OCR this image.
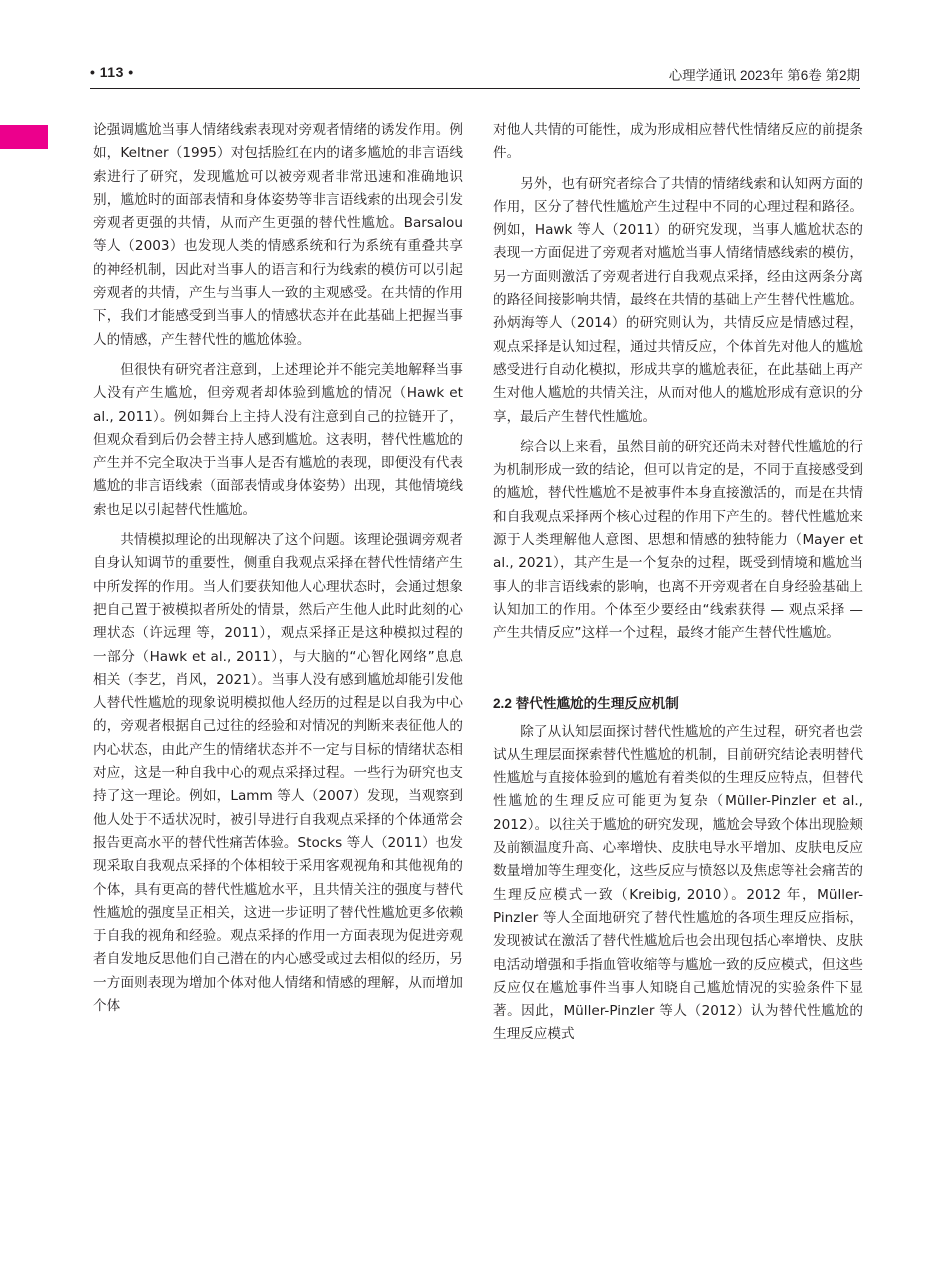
• 113 •	心理学通讯 2023年 第6卷 第2期

论强调尴尬当事人情绪线索表现对旁观者情绪的诱发作用。例如，Keltner（1995）对包括脸红在内的诸多尴尬的非言语线索进行了研究，发现尴尬可以被旁观者非常迅速和准确地识别，尴尬时的面部表情和身体姿势等非言语线索的出现会引发旁观者更强的共情，从而产生更强的替代性尴尬。Barsalou 等人（2003）也发现人类的情感系统和行为系统有重叠共享的神经机制，因此对当事人的语言和行为线索的模仿可以引起旁观者的共情，产生与当事人一致的主观感受。在共情的作用下，我们才能感受到当事人的情感状态并在此基础上把握当事人的情感，产生替代性的尴尬体验。

但很快有研究者注意到，上述理论并不能完美地解释当事人没有产生尴尬，但旁观者却体验到尴尬的情况（Hawk et al., 2011）。例如舞台上主持人没有注意到自己的拉链开了，但观众看到后仍会替主持人感到尴尬。这表明，替代性尴尬的产生并不完全取决于当事人是否有尴尬的表现，即便没有代表尴尬的非言语线索（面部表情或身体姿势）出现，其他情境线索也足以引起替代性尴尬。

共情模拟理论的出现解决了这个问题。该理论强调旁观者自身认知调节的重要性，侧重自我观点采择在替代性情绪产生中所发挥的作用。当人们要获知他人心理状态时，会通过想象把自己置于被模拟者所处的情景，然后产生他人此时此刻的心理状态（许远理 等，2011），观点采择正是这种模拟过程的一部分（Hawk et al., 2011），与大脑的“心智化网络”息息相关（李艺，肖风，2021）。当事人没有感到尴尬却能引发他人替代性尴尬的现象说明模拟他人经历的过程是以自我为中心的，旁观者根据自己过往的经验和对情况的判断来表征他人的内心状态，由此产生的情绪状态并不一定与目标的情绪状态相对应，这是一种自我中心的观点采择过程。一些行为研究也支持了这一理论。例如，Lamm 等人（2007）发现，当观察到他人处于不适状况时，被引导进行自我观点采择的个体通常会报告更高水平的替代性痛苦体验。Stocks 等人（2011）也发现采取自我观点采择的个体相较于采用客观视角和其他视角的个体，具有更高的替代性尴尬水平，且共情关注的强度与替代性尴尬的强度呈正相关，这进一步证明了替代性尴尬更多依赖于自我的视角和经验。观点采择的作用一方面表现为促进旁观者自发地反思他们自己潜在的内心感受或过去相似的经历，另一方面则表现为增加个体对他人情绪和情感的理解，从而增加个体

对他人共情的可能性，成为形成相应替代性情绪反应的前提条件。

另外，也有研究者综合了共情的情绪线索和认知两方面的作用，区分了替代性尴尬产生过程中不同的心理过程和路径。例如，Hawk 等人（2011）的研究发现，当事人尴尬状态的表现一方面促进了旁观者对尴尬当事人情绪情感线索的模仿，另一方面则激活了旁观者进行自我观点采择，经由这两条分离的路径间接影响共情，最终在共情的基础上产生替代性尴尬。孙炳海等人（2014）的研究则认为，共情反应是情感过程，观点采择是认知过程，通过共情反应，个体首先对他人的尴尬感受进行自动化模拟，形成共享的尴尬表征，在此基础上再产生对他人尴尬的共情关注，从而对他人的尴尬形成有意识的分享，最后产生替代性尴尬。

综合以上来看，虽然目前的研究还尚未对替代性尴尬的行为机制形成一致的结论，但可以肯定的是，不同于直接感受到的尴尬，替代性尴尬不是被事件本身直接激活的，而是在共情和自我观点采择两个核心过程的作用下产生的。替代性尴尬来源于人类理解他人意图、思想和情感的独特能力（Mayer et al., 2021），其产生是一个复杂的过程，既受到情境和尴尬当事人的非言语线索的影响，也离不开旁观者在自身经验基础上认知加工的作用。个体至少要经由“线索获得 — 观点采择 — 产生共情反应”这样一个过程，最终才能产生替代性尴尬。

2.2 替代性尴尬的生理反应机制

除了从认知层面探讨替代性尴尬的产生过程，研究者也尝试从生理层面探索替代性尴尬的机制，目前研究结论表明替代性尴尬与直接体验到的尴尬有着类似的生理反应特点，但替代性尴尬的生理反应可能更为复杂（Müller-Pinzler et al., 2012）。以往关于尴尬的研究发现，尴尬会导致个体出现脸颊及前额温度升高、心率增快、皮肤电导水平增加、皮肤电反应数量增加等生理变化，这些反应与愤怒以及焦虑等社会痛苦的生理反应模式一致（Kreibig, 2010）。2012 年，Müller-Pinzler 等人全面地研究了替代性尴尬的各项生理反应指标，发现被试在激活了替代性尴尬后也会出现包括心率增快、皮肤电活动增强和手指血管收缩等与尴尬一致的反应模式，但这些反应仅在尴尬事件当事人知晓自己尴尬情况的实验条件下显著。因此，Müller-Pinzler 等人（2012）认为替代性尴尬的生理反应模式
